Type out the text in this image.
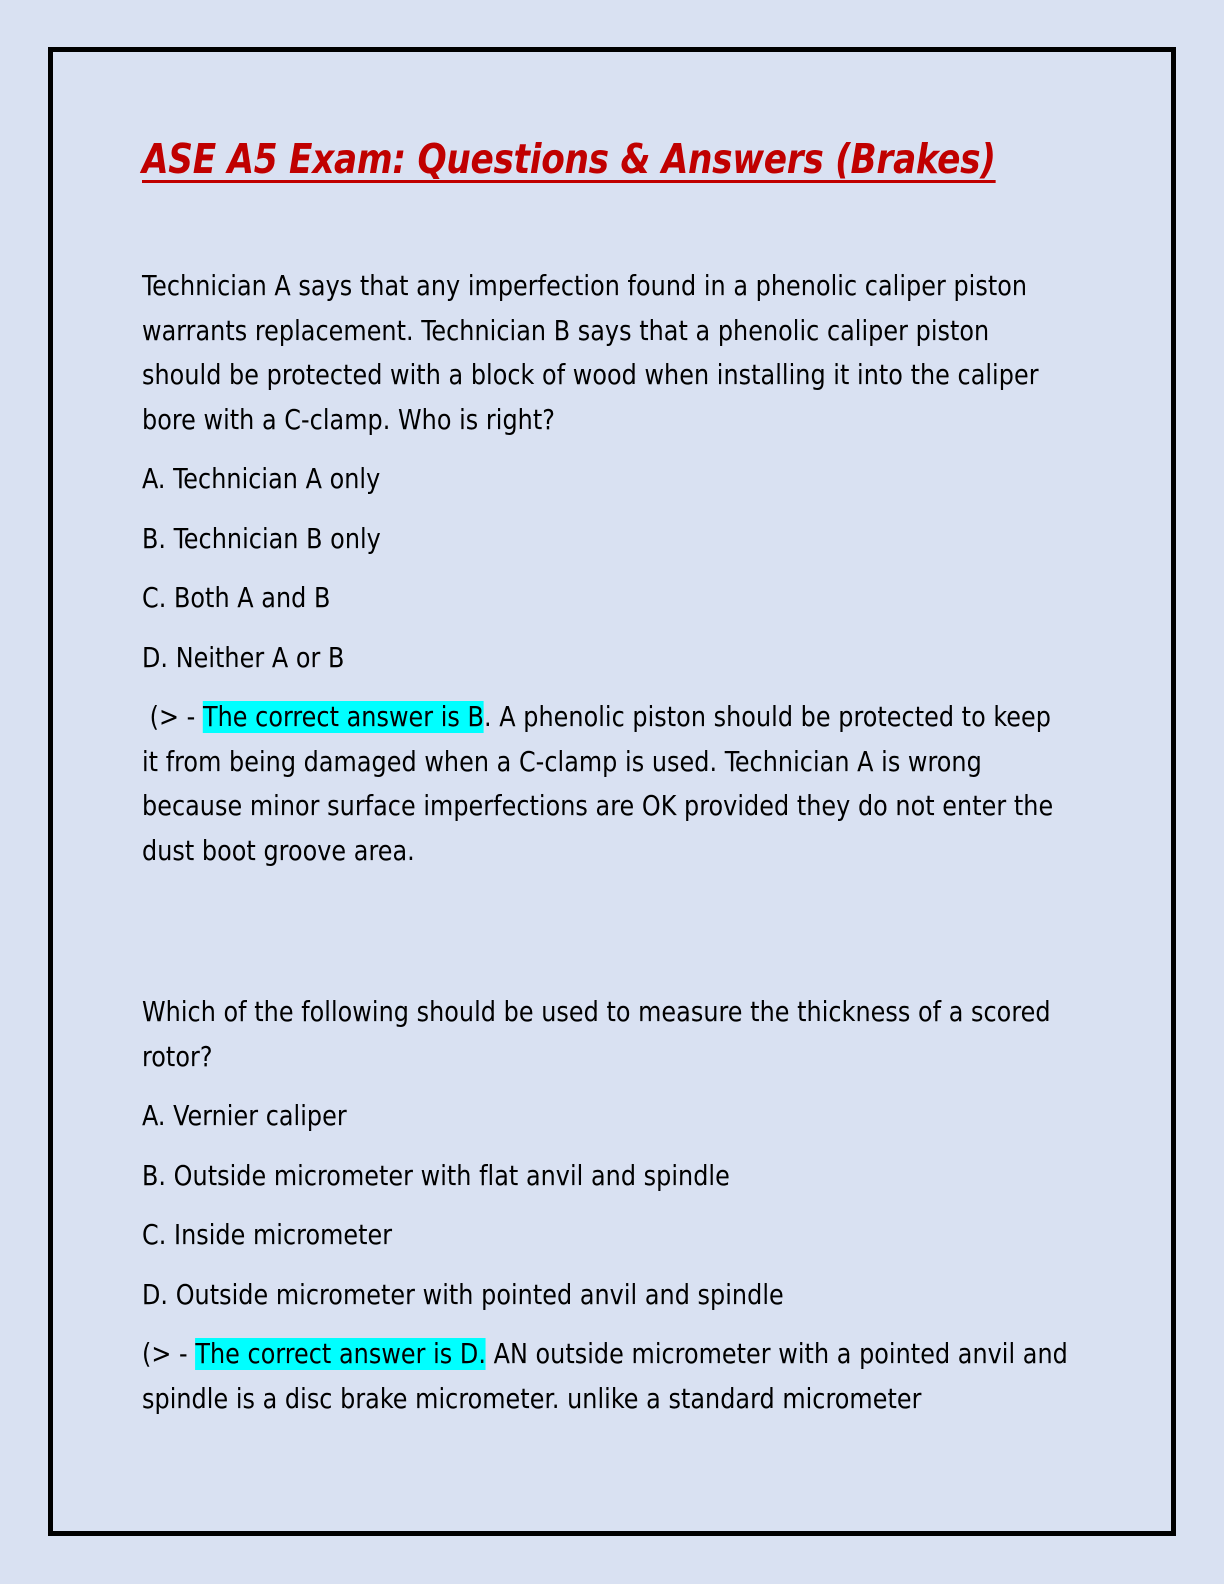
ASE A5 Exam: Questions & Answers (Brakes)

Technician A says that any imperfection found in a phenolic caliper piston warrants replacement. Technician B says that a phenolic caliper piston should be protected with a block of wood when installing it into the caliper bore with a C-clamp. Who is right?

A. Technician A only

B. Technician B only

C. Both A and B

D. Neither A or B

(> - The correct answer is B. A phenolic piston should be protected to keep it from being damaged when a C-clamp is used. Technician A is wrong because minor surface imperfections are OK provided they do not enter the dust boot groove area.

Which of the following should be used to measure the thickness of a scored rotor?

A. Vernier caliper

B. Outside micrometer with flat anvil and spindle

C. Inside micrometer

D. Outside micrometer with pointed anvil and spindle

(> - The correct answer is D. AN outside micrometer with a pointed anvil and spindle is a disc brake micrometer. unlike a standard micrometer
